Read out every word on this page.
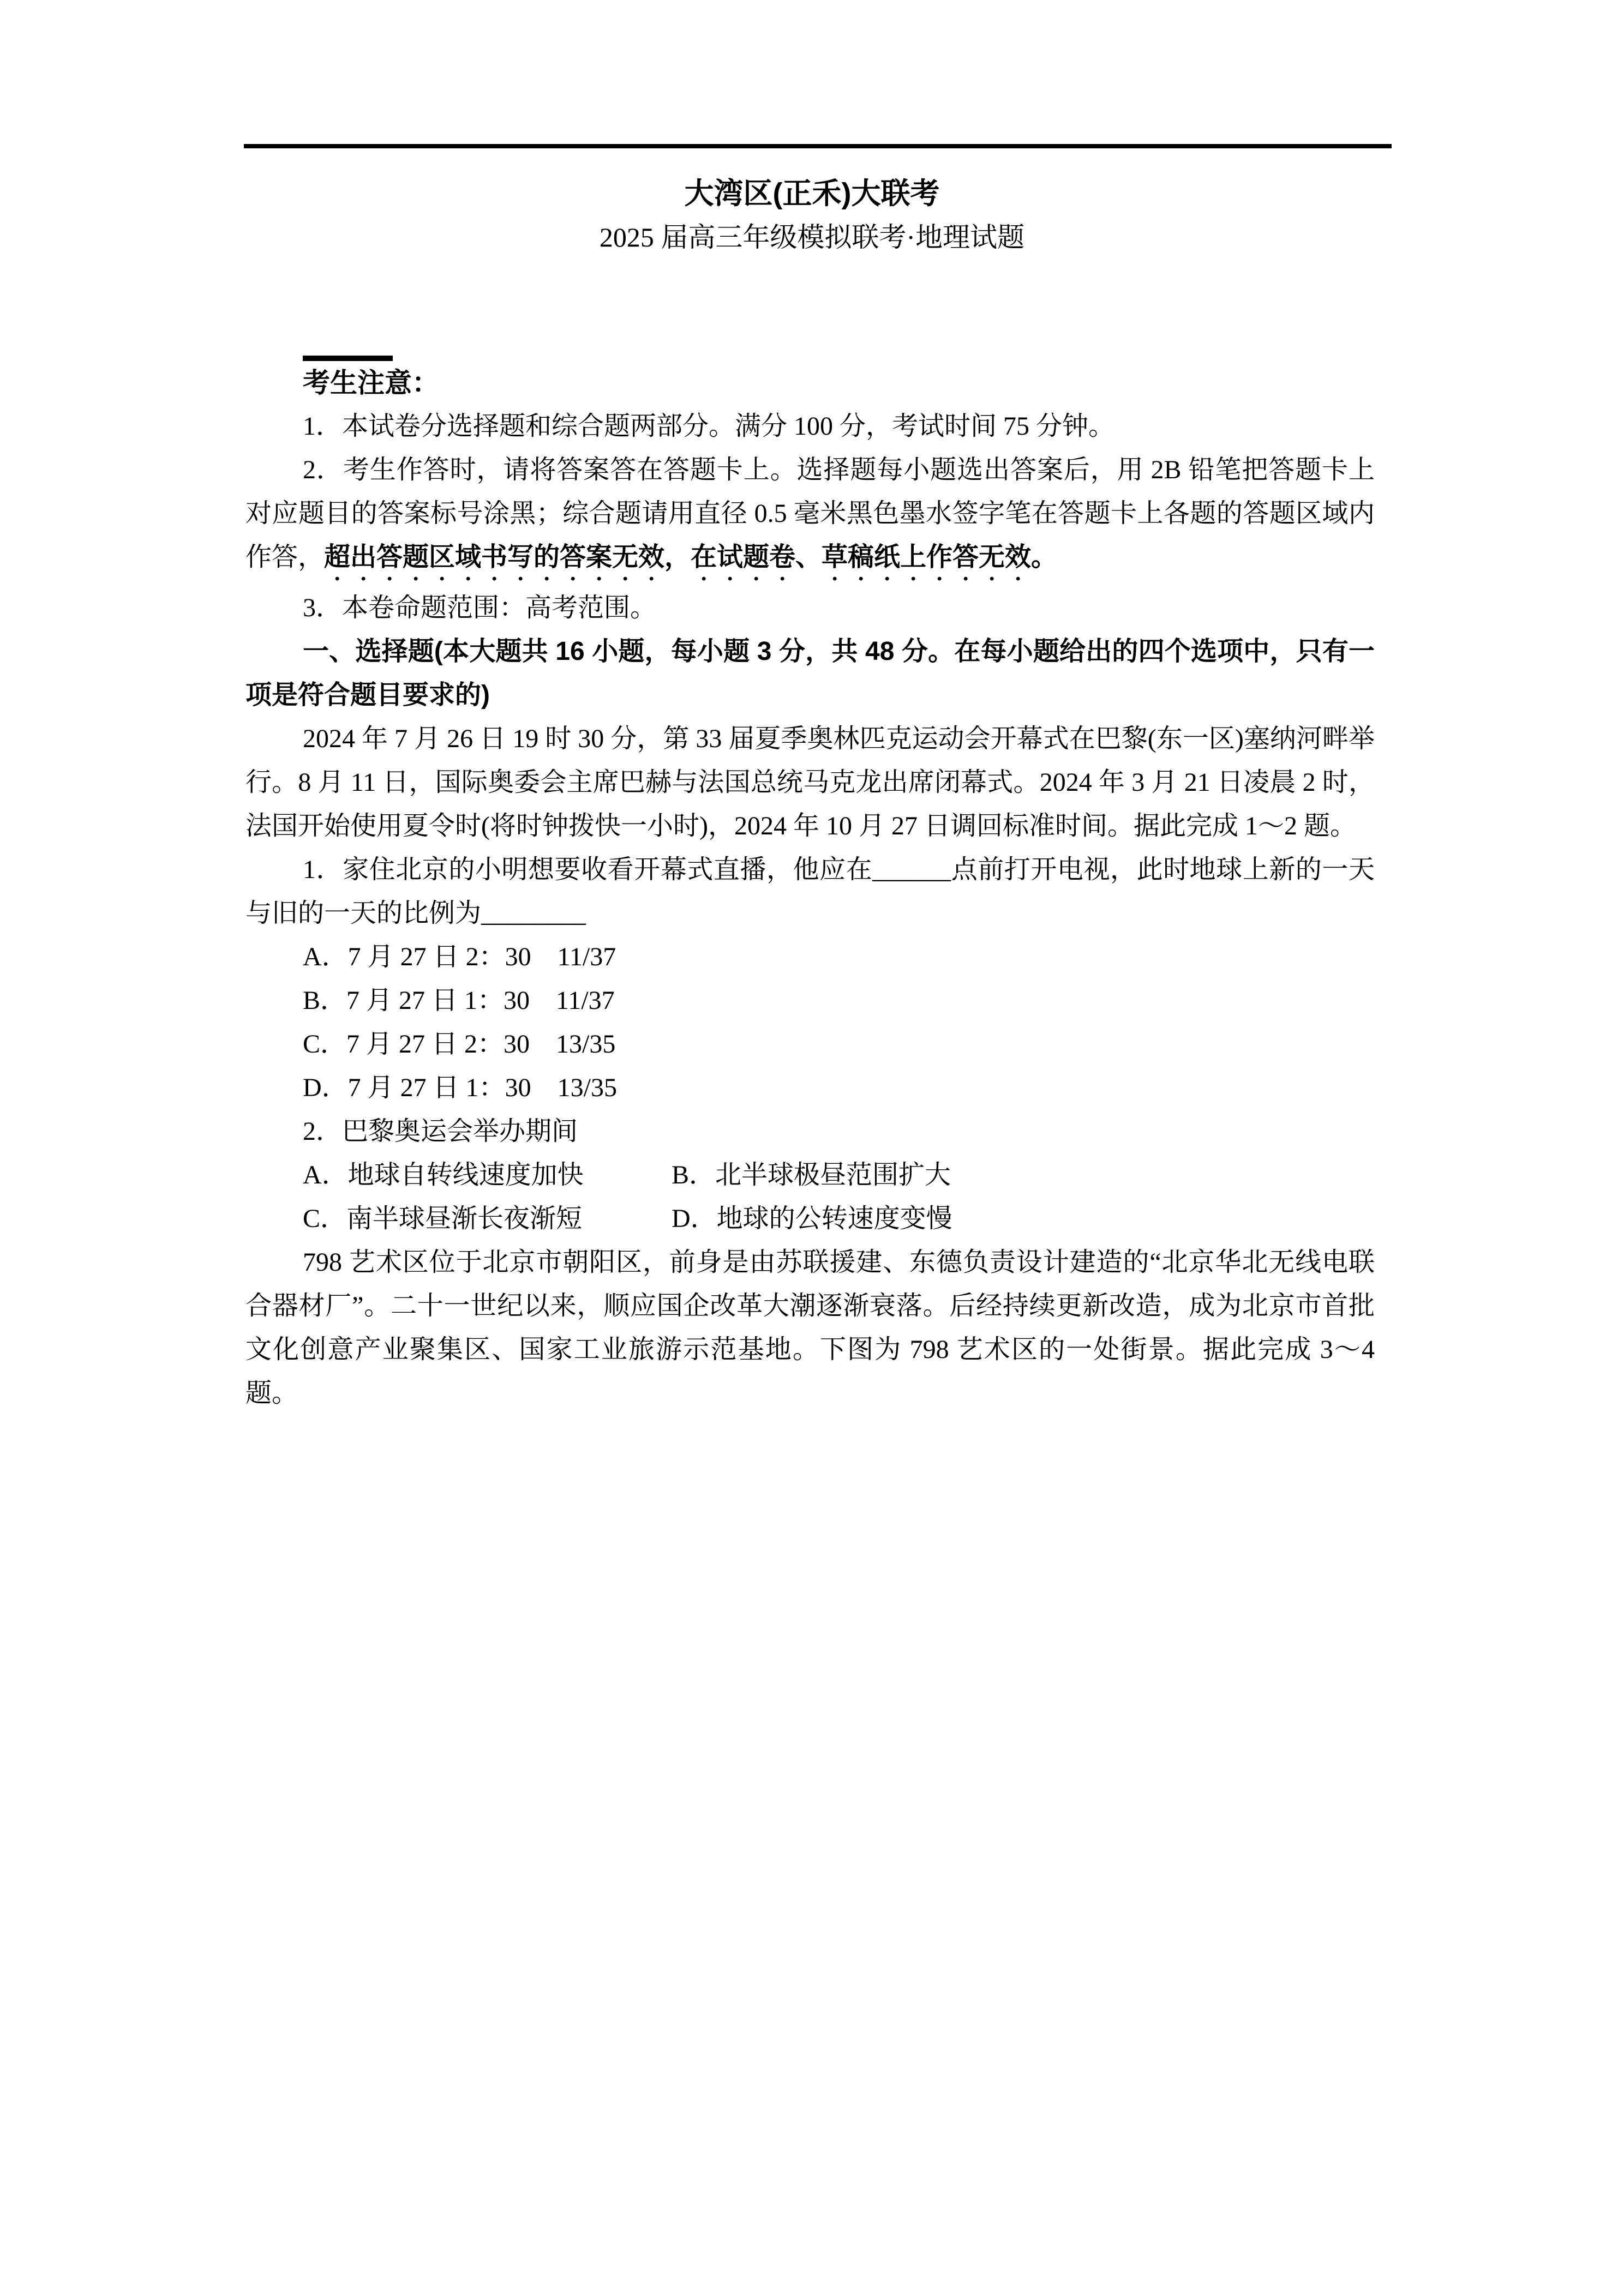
大湾区(正禾)大联考
2025 届高三年级模拟联考·地理试题
考生注意：

1．本试卷分选择题和综合题两部分。满分 100 分，考试时间 75 分钟。

2．考生作答时，请将答案答在答题卡上。选择题每小题选出答案后，用 2B 铅笔把答题卡上对应题目的答案标号涂黑；综合题请用直径 0.5 毫米黑色墨水签字笔在答题卡上各题的答题区域内作答，超出答题区域书写的答案无效，在试题卷、草稿纸上作答无效。

3．本卷命题范围：高考范围。

一、选择题(本大题共 16 小题，每小题 3 分，共 48 分。在每小题给出的四个选项中，只有一项是符合题目要求的)

2024 年 7 月 26 日 19 时 30 分，第 33 届夏季奥林匹克运动会开幕式在巴黎(东一区)塞纳河畔举行。8 月 11 日，国际奥委会主席巴赫与法国总统马克龙出席闭幕式。2024 年 3 月 21 日凌晨 2 时，法国开始使用夏令时(将时钟拨快一小时)，2024 年 10 月 27 日调回标准时间。据此完成 1～2 题。

1．家住北京的小明想要收看开幕式直播，他应在______点前打开电视，此时地球上新的一天与旧的一天的比例为________

A．7 月 27 日 2：30　11/37

B．7 月 27 日 1：30　11/37

C．7 月 27 日 2：30　13/35

D．7 月 27 日 1：30　13/35

2．巴黎奥运会举办期间

A．地球自转线速度加快	B．北半球极昼范围扩大
C．南半球昼渐长夜渐短	D．地球的公转速度变慢

798 艺术区位于北京市朝阳区，前身是由苏联援建、东德负责设计建造的“北京华北无线电联合器材厂”。二十一世纪以来，顺应国企改革大潮逐渐衰落。后经持续更新改造，成为北京市首批文化创意产业聚集区、国家工业旅游示范基地。下图为 798 艺术区的一处街景。据此完成 3～4 题。
